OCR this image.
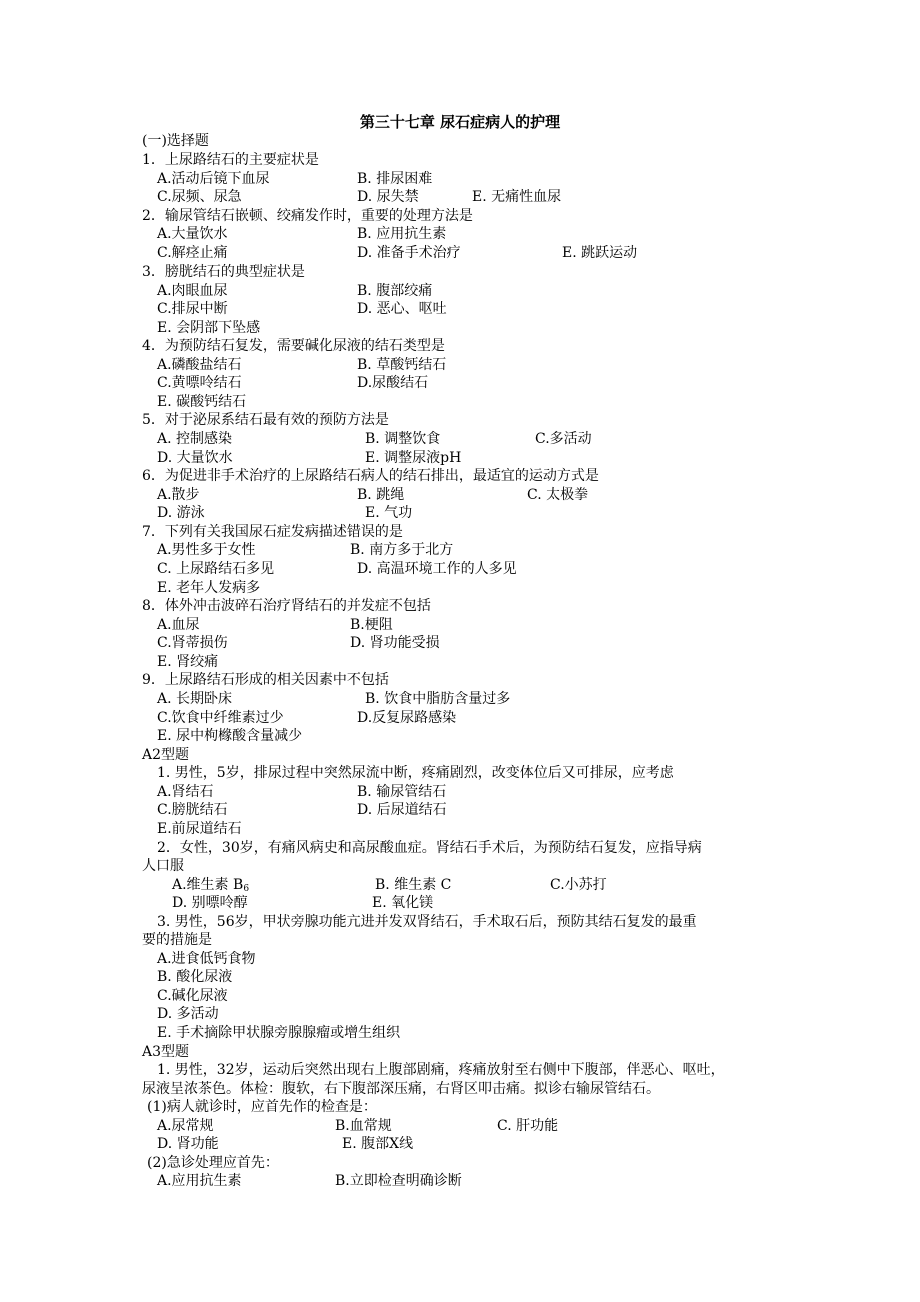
第三十七章 尿石症病人的护理
(一)选择题
1．上尿路结石的主要症状是
A.活动后镜下血尿	B. 排尿困难
C.尿频、尿急	D. 尿失禁	E. 无痛性血尿
2．输尿管结石嵌顿、绞痛发作时，重要的处理方法是
A.大量饮水	B. 应用抗生素
C.解痉止痛	D. 准备手术治疗	E. 跳跃运动
3．膀胱结石的典型症状是
A.肉眼血尿	B. 腹部绞痛
C.排尿中断	D. 恶心、呕吐
E. 会阴部下坠感
4．为预防结石复发，需要碱化尿液的结石类型是
A.磷酸盐结石	B. 草酸钙结石
C.黄嘌呤结石	D.尿酸结石
E. 碳酸钙结石
5．对于泌尿系结石最有效的预防方法是
A. 控制感染	B. 调整饮食	C.多活动
D. 大量饮水	E. 调整尿液pH
6．为促进非手术治疗的上尿路结石病人的结石排出，最适宜的运动方式是
A.散步	B. 跳绳	C. 太极拳
D. 游泳	E. 气功
7．下列有关我国尿石症发病描述错误的是
A.男性多于女性	B. 南方多于北方
C. 上尿路结石多见	D. 高温环境工作的人多见
E. 老年人发病多
8．体外冲击波碎石治疗肾结石的并发症不包括
A.血尿	B.梗阻
C.肾蒂损伤	D. 肾功能受损
E. 肾绞痛
9．上尿路结石形成的相关因素中不包括
A. 长期卧床	B. 饮食中脂肪含量过多
C.饮食中纤维素过少	D.反复尿路感染
E. 尿中枸橼酸含量减少
A2型题
1. 男性，5岁，排尿过程中突然尿流中断，疼痛剧烈，改变体位后又可排尿，应考虑
A.肾结石	B. 输尿管结石
C.膀胱结石	D. 后尿道结石
E.前尿道结石
2．女性，30岁，有痛风病史和高尿酸血症。肾结石手术后，为预防结石复发，应指导病
人口服
A.维生素 $B_6$	B. 维生素 C	C.小苏打
D. 别嘌呤醇	E. 氧化镁
3. 男性，56岁，甲状旁腺功能亢进并发双肾结石，手术取石后，预防其结石复发的最重
要的措施是
A.进食低钙食物
B. 酸化尿液
C.碱化尿液
D. 多活动
E. 手术摘除甲状腺旁腺腺瘤或增生组织
A3型题
1. 男性，32岁，运动后突然出现右上腹部剧痛，疼痛放射至右侧中下腹部，伴恶心、呕吐，
尿液呈浓茶色。体检：腹软，右下腹部深压痛，右肾区叩击痛。拟诊右输尿管结石。
(1)病人就诊时，应首先作的检查是：
A.尿常规	B.血常规	C. 肝功能
D. 肾功能	E. 腹部X线
(2)急诊处理应首先：
A.应用抗生素	B.立即检查明确诊断
